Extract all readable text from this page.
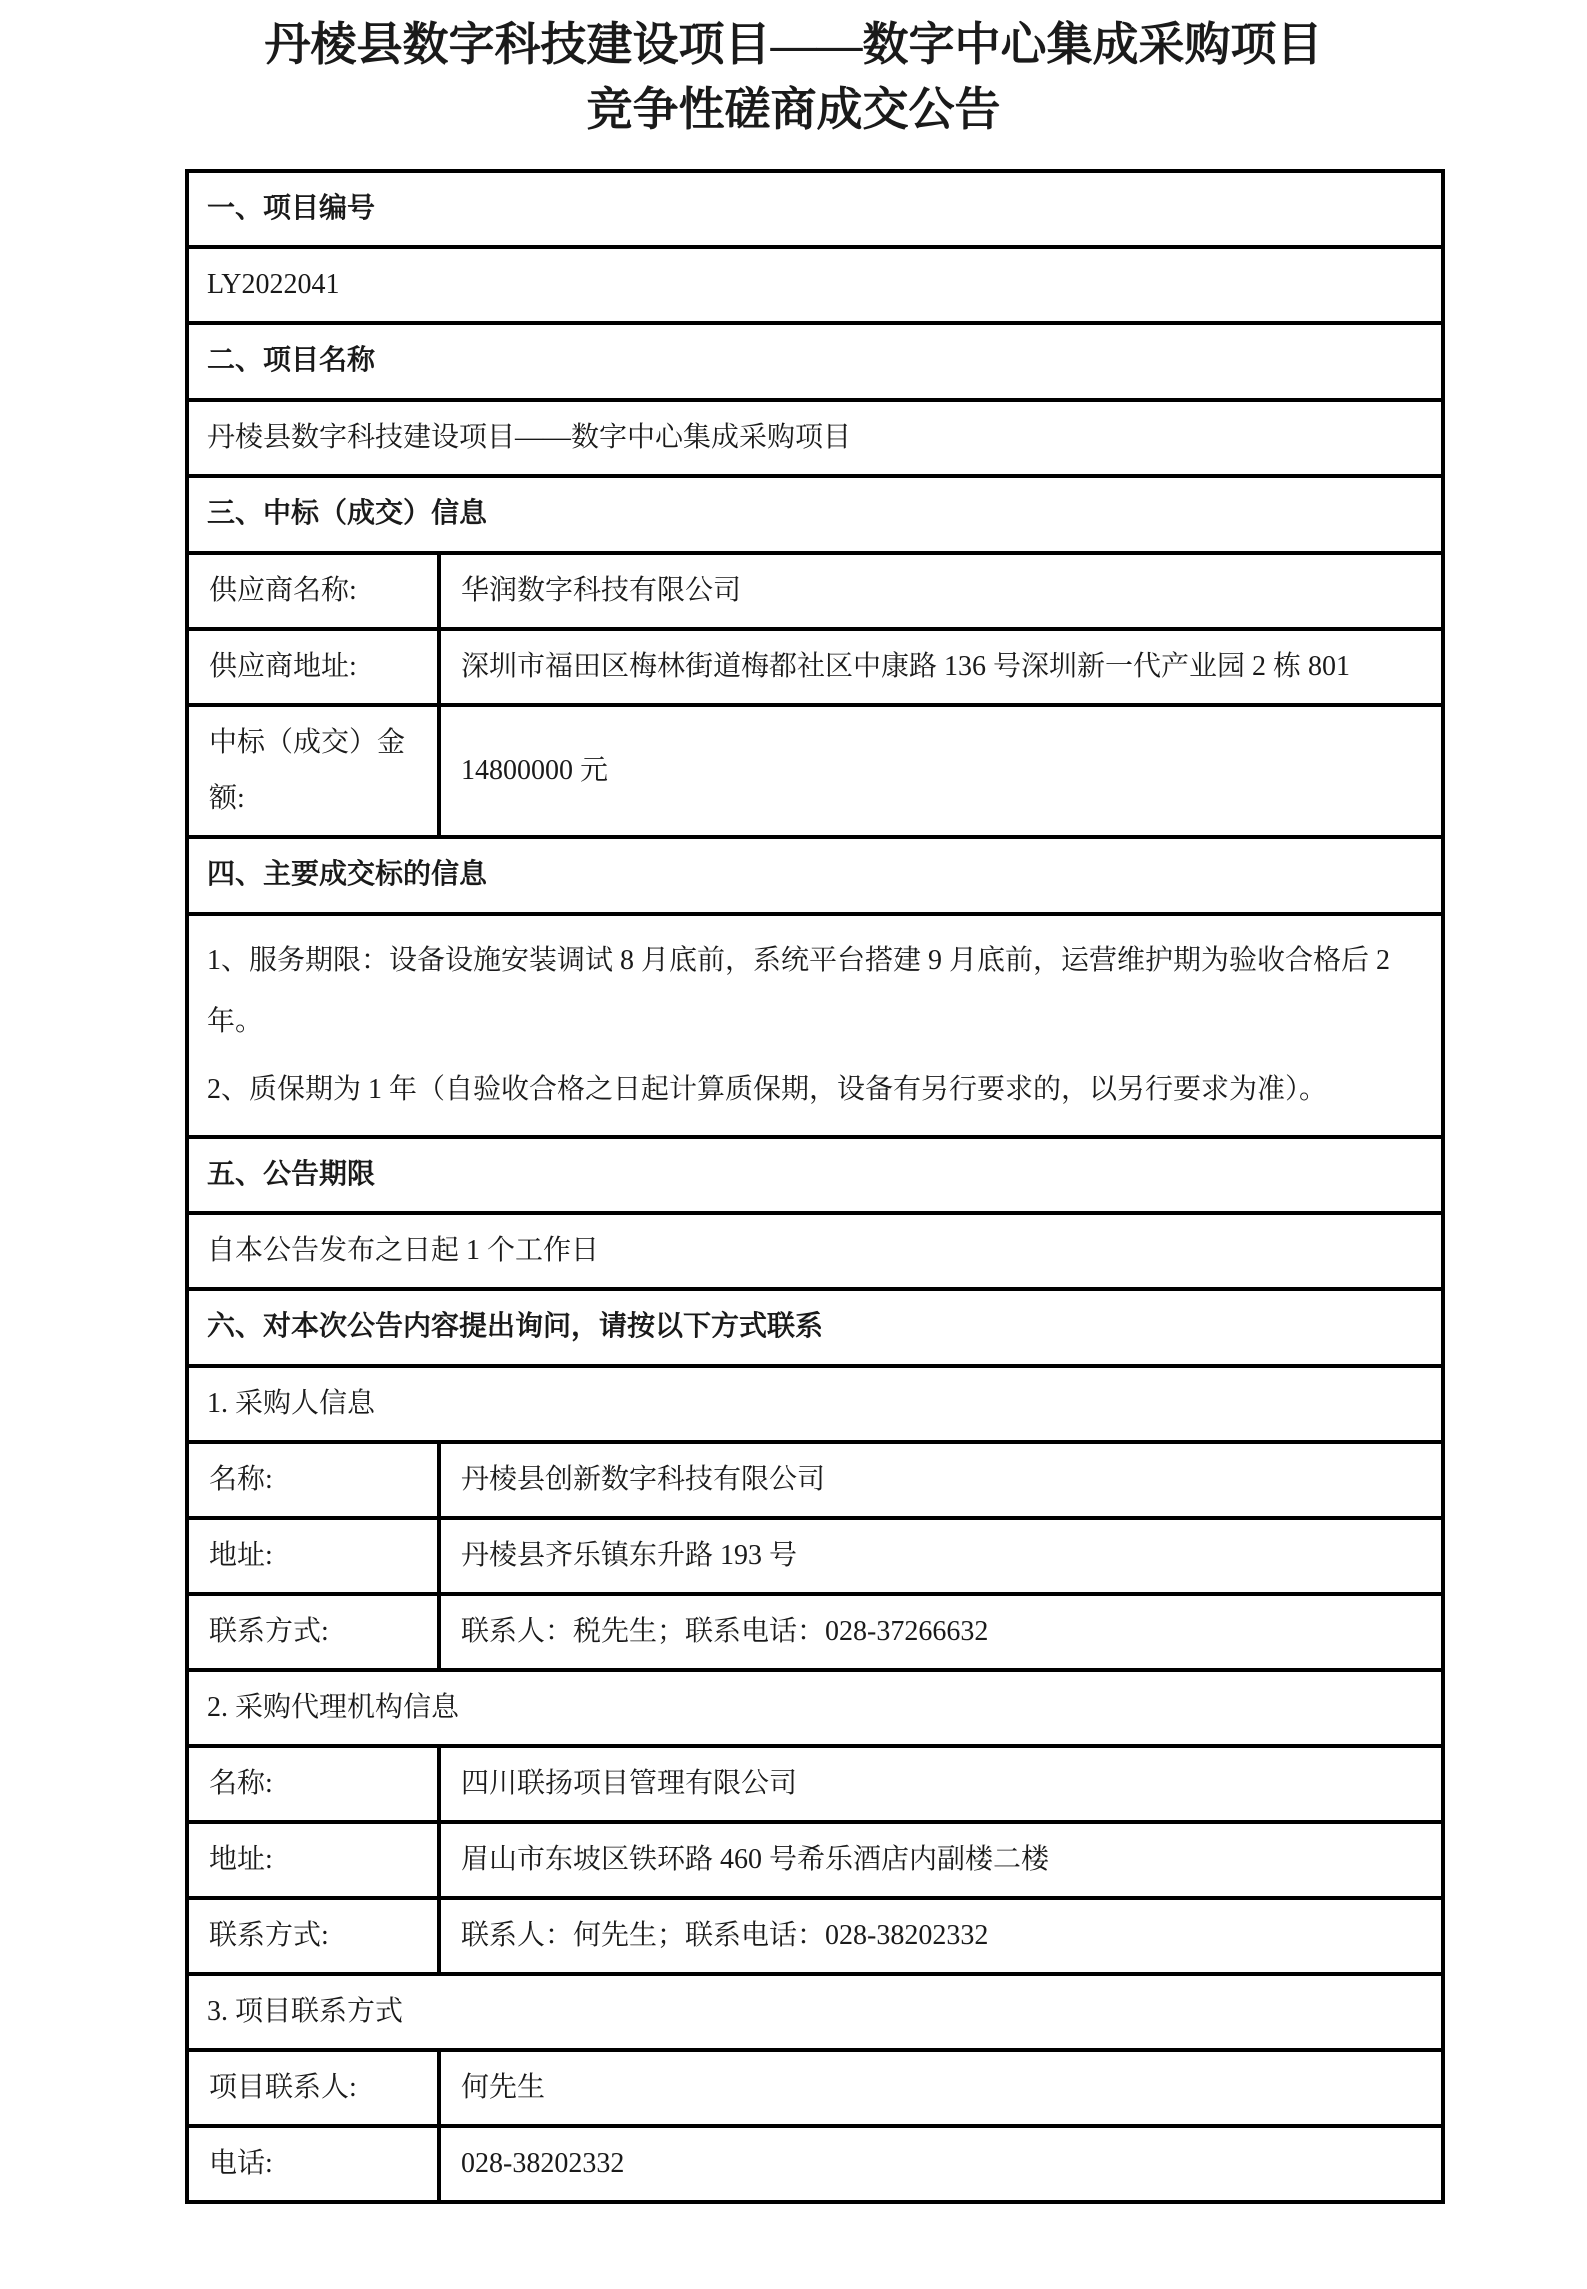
丹棱县数字科技建设项目——数字中心集成采购项目
竞争性磋商成交公告
一、项目编号	
LY2022041	
二、项目名称	
丹棱县数字科技建设项目——数字中心集成采购项目	
三、中标（成交）信息	
供应商名称:	华润数字科技有限公司
供应商地址:	深圳市福田区梅林街道梅都社区中康路 136 号深圳新一代产业园 2 栋 801
中标（成交）金额:	14800000 元
四、主要成交标的信息	

1、服务期限：设备设施安装调试 8 月底前，系统平台搭建 9 月底前，运营维护期为验收合格后 2 年。

2、质保期为 1 年（自验收合格之日起计算质保期，设备有另行要求的，以另行要求为准）。	

五、公告期限	
自本公告发布之日起 1 个工作日	
六、对本次公告内容提出询问，请按以下方式联系	
1. 采购人信息	
名称:	丹棱县创新数字科技有限公司
地址:	丹棱县齐乐镇东升路 193 号
联系方式:	联系人：税先生；联系电话：028-37266632
2. 采购代理机构信息	
名称:	四川联扬项目管理有限公司
地址:	眉山市东坡区铁环路 460 号希乐酒店内副楼二楼
联系方式:	联系人：何先生；联系电话：028-38202332
3. 项目联系方式	
项目联系人:	何先生
电话:	028-38202332
